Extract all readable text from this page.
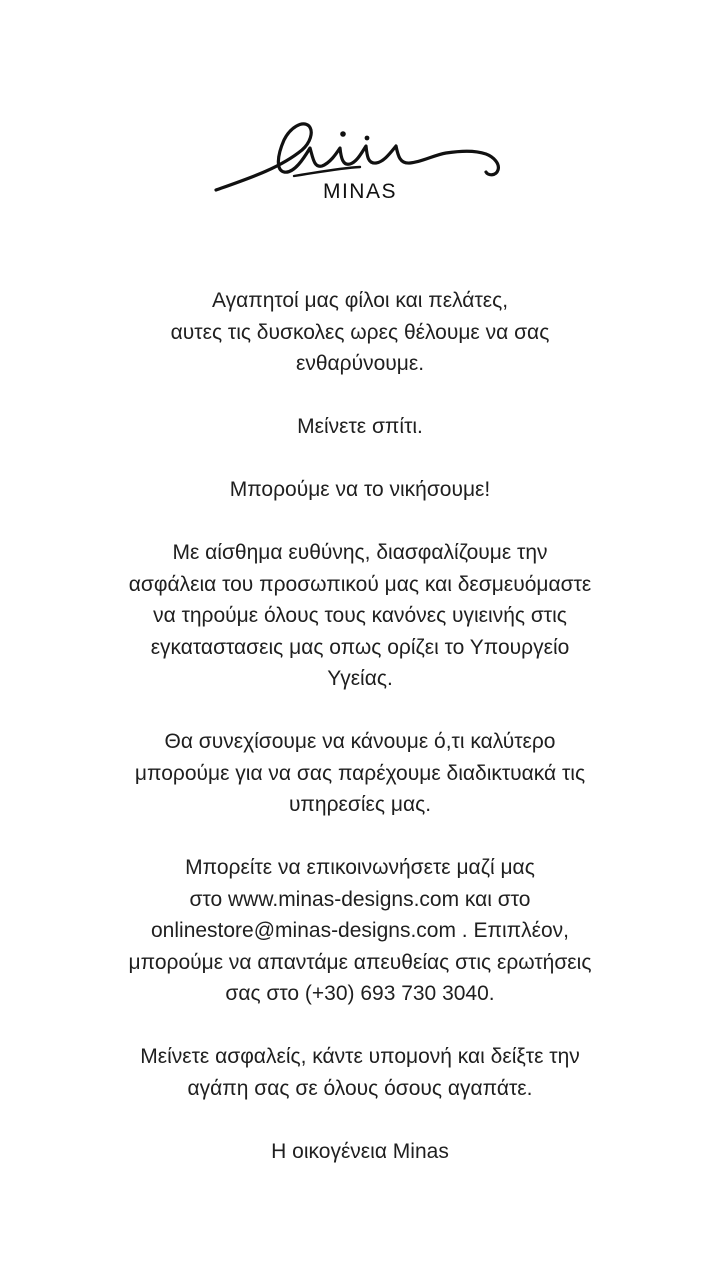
MINAS

Αγαπητοί μας φίλοι και πελάτες,
αυτες τις δυσκολες ωρες θέλουμε να σας
ενθαρύνουμε.

Μείνετε σπίτι.

Μπορούμε να το νικήσουμε!

Με αίσθημα ευθύνης, διασφαλίζουμε την
ασφάλεια του προσωπικού μας και δεσμευόμαστε
να τηρούμε όλους τους κανόνες υγιεινής στις
εγκαταστασεις μας οπως ορίζει το Υπουργείο
Υγείας.

Θα συνεχίσουμε να κάνουμε ό,τι καλύτερο
μπορούμε για να σας παρέχουμε διαδικτυακά τις
υπηρεσίες μας.

Μπορείτε να επικοινωνήσετε μαζί μας
στο www.minas-designs.com και στο
onlinestore@minas-designs.com . Επιπλέον,
μπορούμε να απαντάμε απευθείας στις ερωτήσεις
σας στο (+30) 693 730 3040.

Μείνετε ασφαλείς, κάντε υπομονή και δείξτε την
αγάπη σας σε όλους όσους αγαπάτε.

Η οικογένεια Minas
